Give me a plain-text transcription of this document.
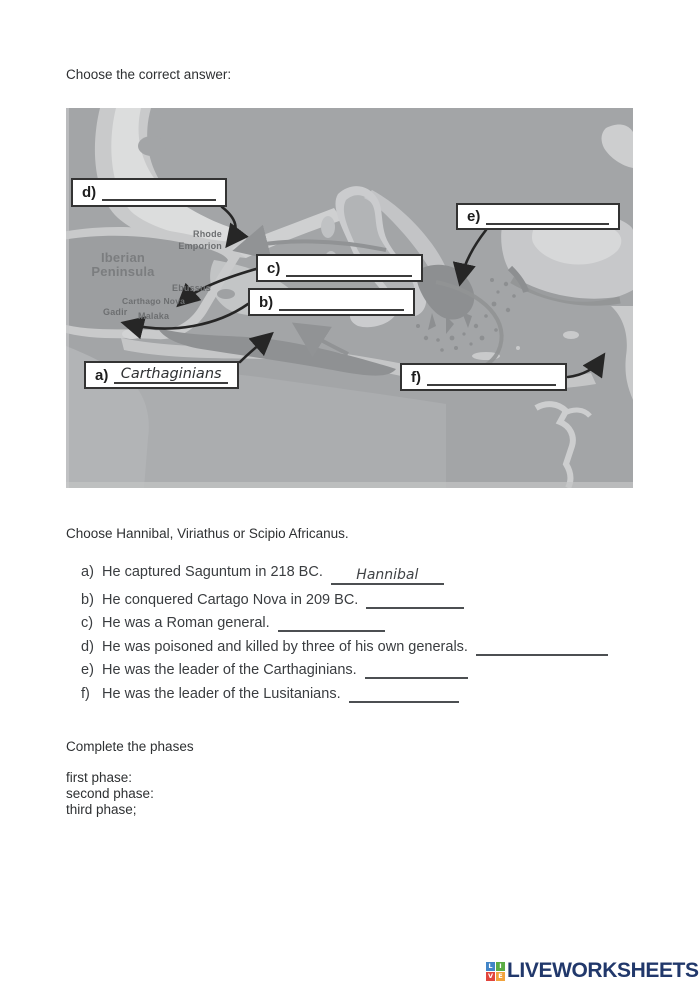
Choose the correct answer:
Rhode
Emporion
Iberian
Peninsula
Ebussus
Carthago Nova
Gadir Malaka
d)
e)
c)
b)
a) Carthaginians	f)
Choose Hannibal, Viriathus or Scipio Africanus.
a) He captured Saguntum in 218 BC. Hannibal
b) He conquered Cartago Nova in 209 BC.
c) He was a Roman general.
d) He was poisoned and killed by three of his own generals.
e) He was the leader of the Carthaginians.
f) He was the leader of the Lusitanians.
Complete the phases
first phase:
second phase:
third phase;
L	I
V E LIVEWORKSHEETS
